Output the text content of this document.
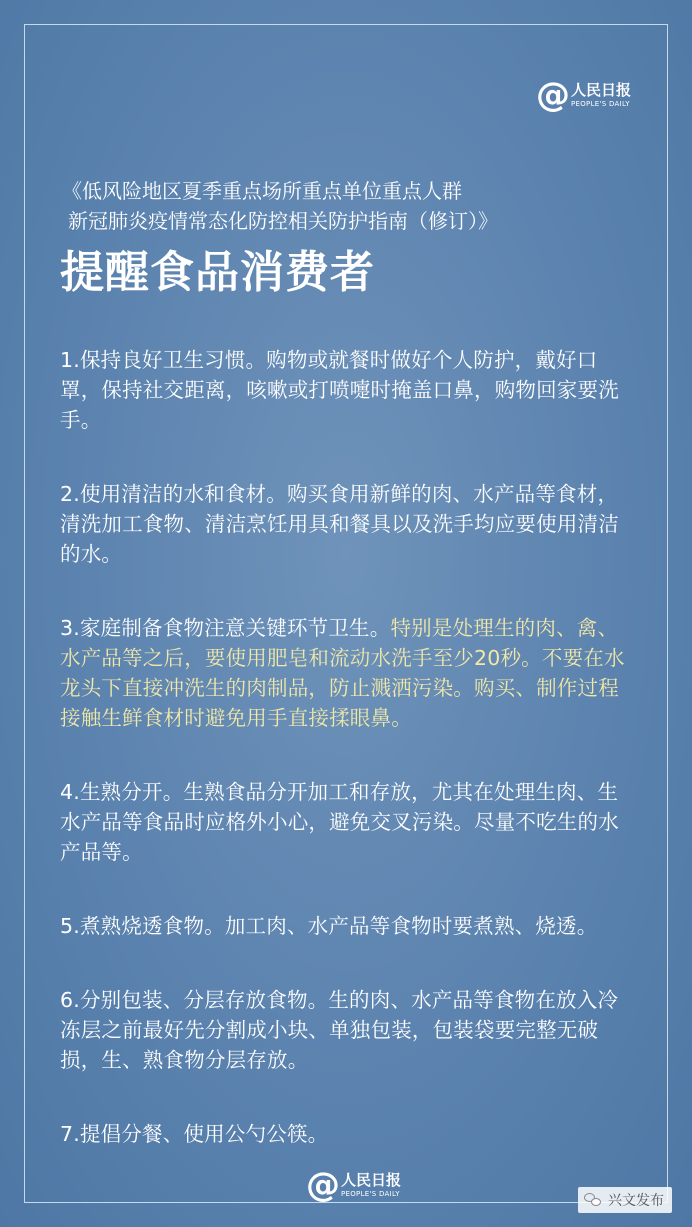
@ 人民日报
PEOPLE'S DAILY
《低风险地区夏季重点场所重点单位重点人群
新冠肺炎疫情常态化防控相关防护指南（修订）》
提醒食品消费者

1.保持良好卫生习惯。购物或就餐时做好个人防护，戴好口罩，保持社交距离，咳嗽或打喷嚏时掩盖口鼻，购物回家要洗手。

2.使用清洁的水和食材。购买食用新鲜的肉、水产品等食材，清洗加工食物、清洁烹饪用具和餐具以及洗手均应要使用清洁的水。

3.家庭制备食物注意关键环节卫生。特别是处理生的肉、禽、水产品等之后，要使用肥皂和流动水洗手至少20秒。不要在水龙头下直接冲洗生的肉制品，防止溅洒污染。购买、制作过程接触生鲜食材时避免用手直接揉眼鼻。

4.生熟分开。生熟食品分开加工和存放，尤其在处理生肉、生水产品等食品时应格外小心，避免交叉污染。尽量不吃生的水产品等。

5.煮熟烧透食物。加工肉、水产品等食物时要煮熟、烧透。

6.分别包装、分层存放食物。生的肉、水产品等食物在放入冷冻层之前最好先分割成小块、单独包装，包装袋要完整无破损，生、熟食物分层存放。

7.提倡分餐、使用公勺公筷。

@ 人民日报
PEOPLE'S DAILY	兴文发布
